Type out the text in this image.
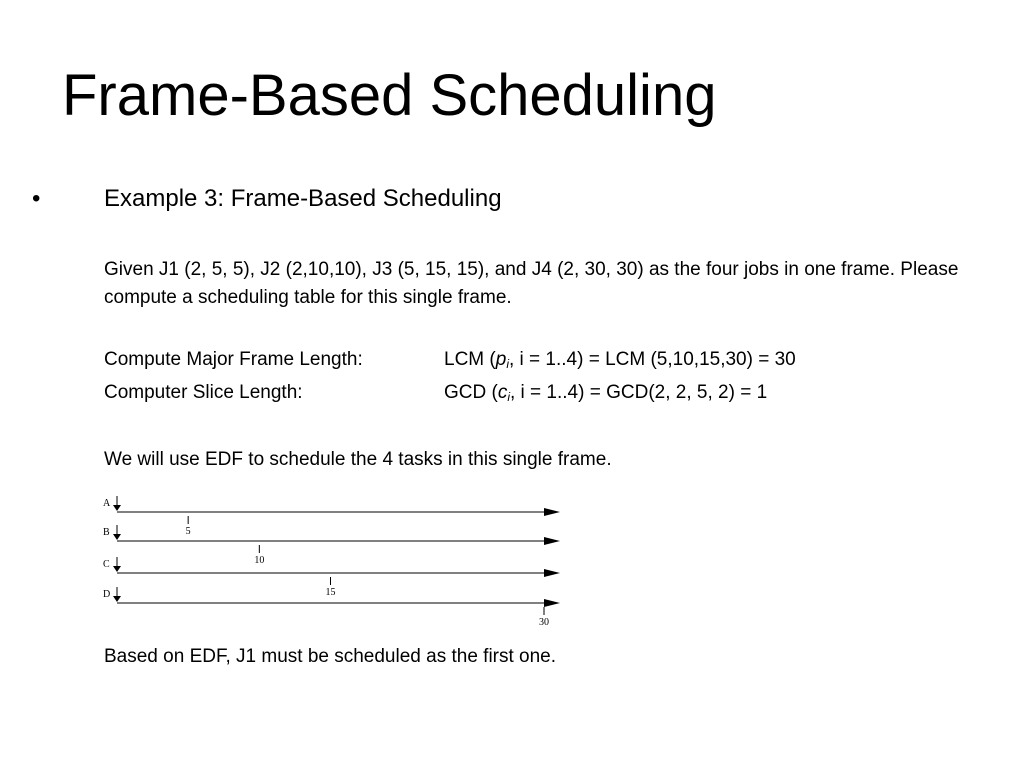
Frame-Based Scheduling
•	Example 3: Frame-Based Scheduling
Given J1 (2, 5, 5), J2 (2,10,10), J3 (5, 15, 15), and J4 (2, 30, 30) as the four jobs in one frame. Please compute a scheduling table for this single frame.
Compute Major Frame Length:	LCM ($p_i$, i = 1..4) = LCM (5,10,15,30) = 30
Computer Slice Length:	GCD ($c_i$, i = 1..4) = GCD(2, 2, 5, 2) = 1
We will use EDF to schedule the 4 tasks in this single frame.
A
5
B
10
C
15
D
30
Based on EDF, J1 must be scheduled as the first one.
